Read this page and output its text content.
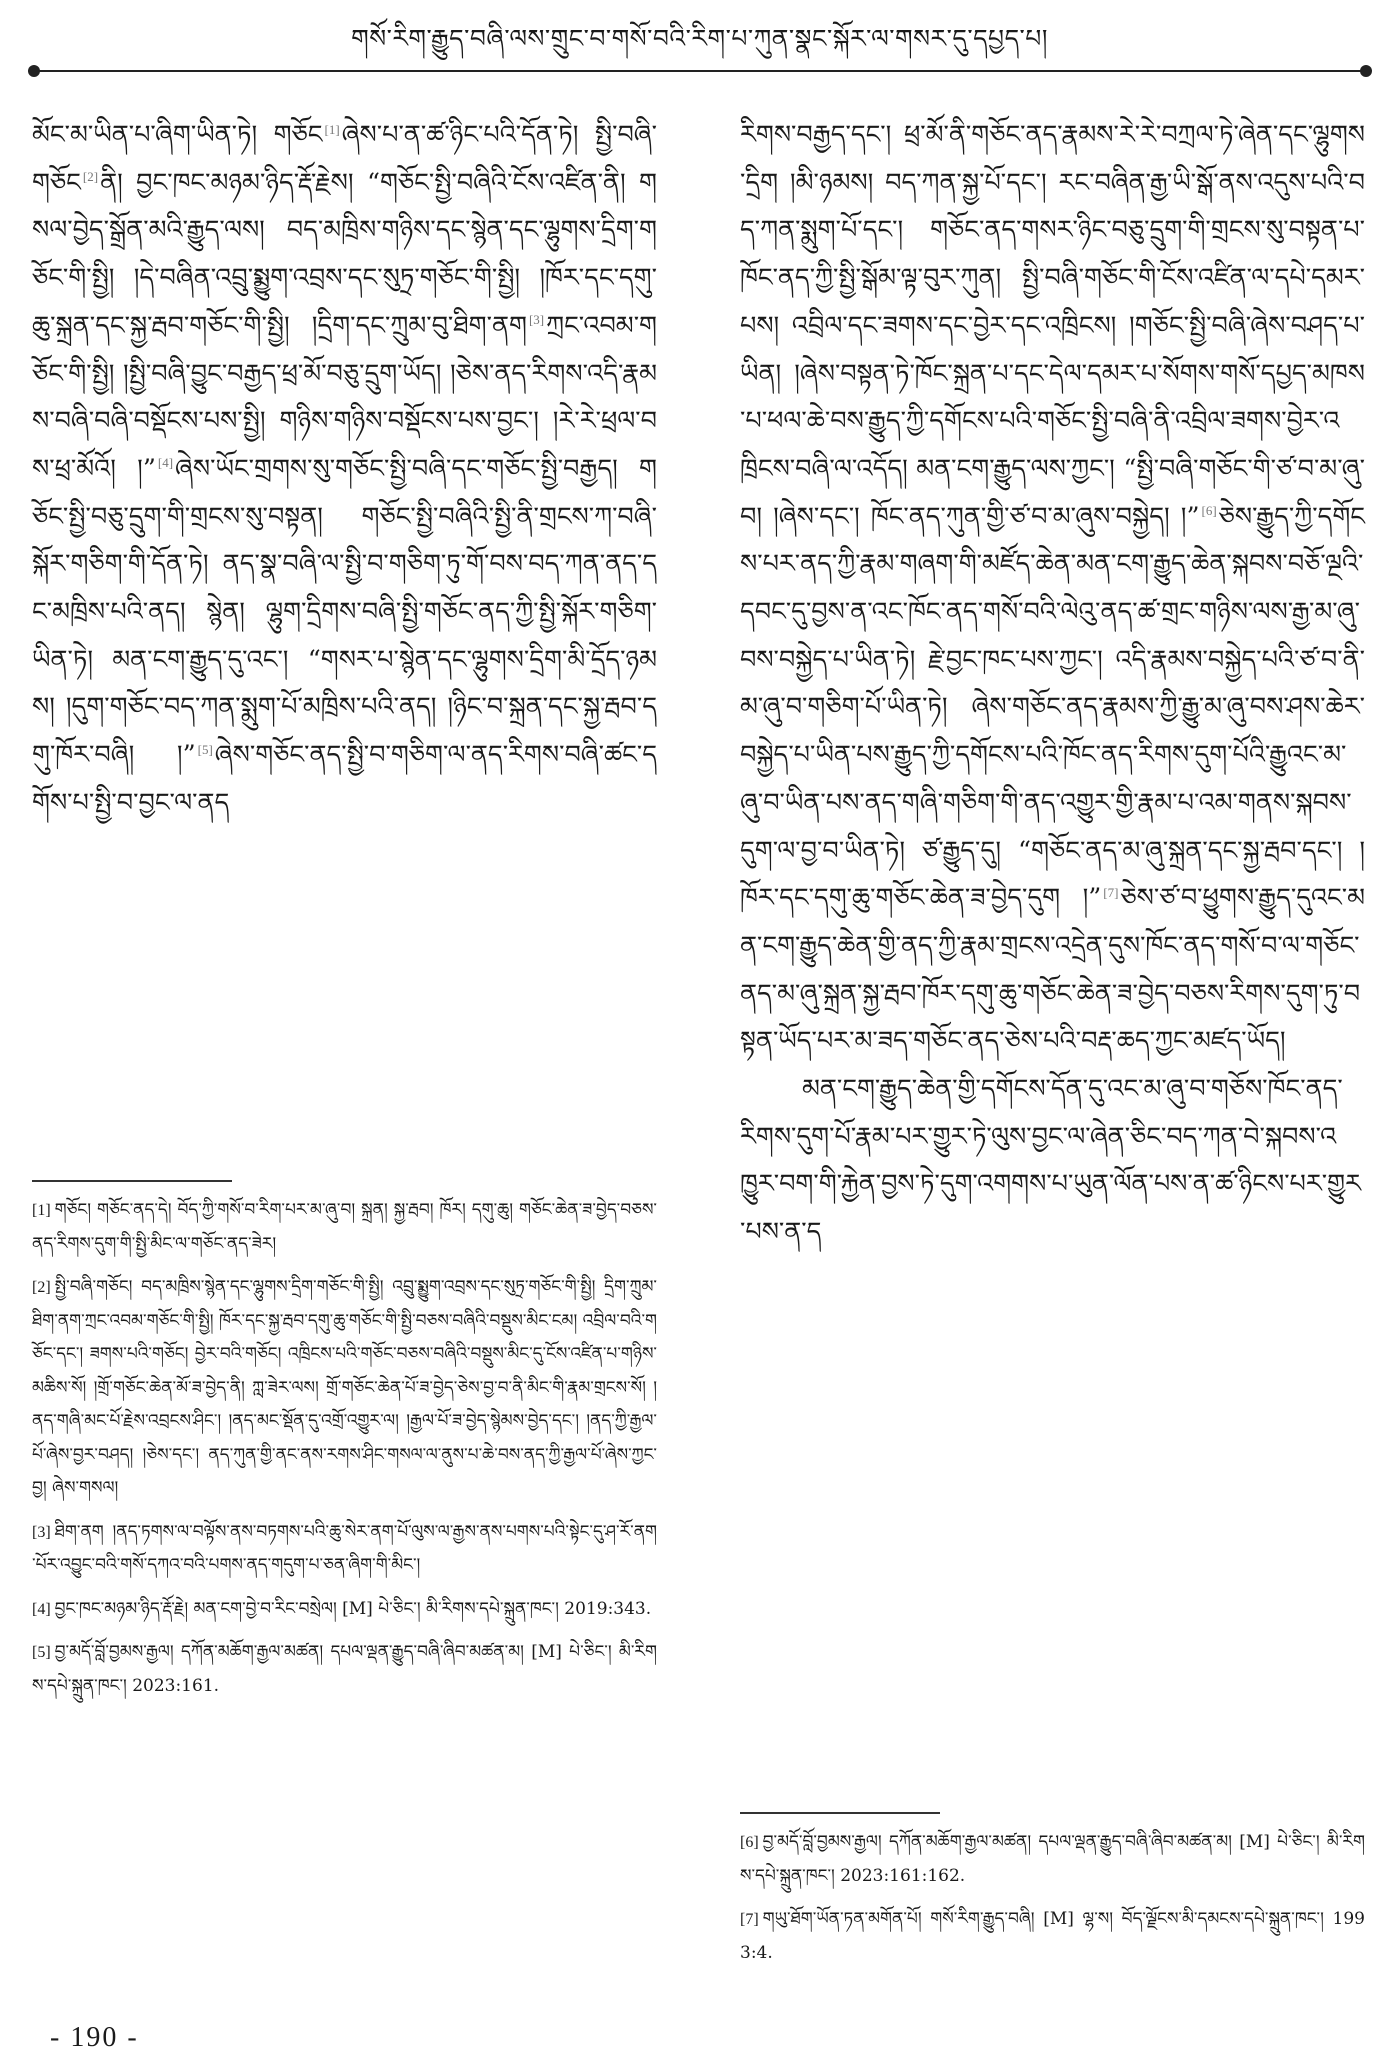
གསོ་རིག་རྒྱུད་བཞི་ལས་གྲུང་བ་གསོ་བའི་རིག་པ་ཀུན་སྣང་སྐོར་ལ་གསར་དུ་དཔྱད་པ།

མོང་མ་ཡིན་པ་ཞིག་ཡིན་ཏེ། གཅོང [1]ཞེས་པ་ན་ཚ་ཉིང་པའི་དོན་ཏེ། སྤྱི་བཞི་གཅོང [2]ནི། བྱང་ཁང་མཉམ་ཉིད་རྡོ་རྗེས། “གཅོང་སྤྱི་བཞིའི་ངོས་འཛིན་ནི། གསལ་བྱེད་སྒྲོན་མའི་རྒྱུད་ལས། བད་མཁྲིས་གཉིས་དང་སྙེན་དང་ལྷུགས་དྲིག་གཅོང་གི་སྤྱི། །དེ་བཞིན་འབྲུ་སྨྱུག་འབྲས་དང་སུཏྲ་གཅོང་གི་སྤྱི། །ཁོར་དང་དགུ་ཆུ་སྐྲན་དང་སྐྱ་རྦབ་གཅོང་གི་སྤྱི། །དྲིག་དང་ཀྲུམ་བུ་ཐིག་ནག [3]ཀྲང་འབམ་གཅོང་གི་སྤྱི། །སྤྱི་བཞི་བྱུང་བརྒྱད་ཕྲ་མོ་བཅུ་དྲུག་ཡོད། །ཅེས་ནད་རིགས་འདི་རྣམས་བཞི་བཞི་བསྡོངས་པས་སྤྱི། གཉིས་གཉིས་བསྡོངས་པས་བྱང་། །རེ་རེ་ཕྲལ་བས་ཕྲ་མོའོ། །” [4]ཞེས་ཡོང་གྲགས་སུ་གཅོང་སྤྱི་བཞི་དང་གཅོང་སྤྱི་བརྒྱད། གཅོང་སྤྱི་བཅུ་དྲུག་གི་གྲངས་སུ་བསྟན། གཅོང་སྤྱི་བཞིའི་སྤྱི་ནི་གྲངས་ཀ་བཞི་སྐོར་གཅིག་གི་དོན་ཏེ། ནད་སྣ་བཞི་ལ་སྤྱི་བ་གཅིག་ཏུ་གོ་བས་བད་ཀན་ནད་དང་མཁྲིས་པའི་ནད། སྙེན། ལྷུག་དྲིགས་བཞི་སྤྱི་གཅོང་ནད་ཀྱི་སྤྱི་སྐོར་གཅིག་ཡིན་ཏེ། མན་ངག་རྒྱུད་དུ་འང་། “གསར་པ་སྙེན་དང་ལྷུགས་དྲིག་མི་དྲོད་ཉམས། །དུག་གཅོང་བད་ཀན་སྨུག་པོ་མཁྲིས་པའི་ནད། །ཉིང་བ་སྐྲན་དང་སྐྱ་རྦབ་དགུ་ཁོར་བཞི། །” [5]ཞེས་གཅོང་ནད་སྤྱི་བ་གཅིག་ལ་ནད་རིགས་བཞི་ཚང་དགོས་པ་སྤྱི་བ་བྱང་ལ་ནད

[1] གཅོང། གཅོང་ནད་དེ། བོད་ཀྱི་གསོ་བ་རིག་པར་མ་ཞུ་བ། སྐྲན། སྐྱ་རྦབ། ཁོར། དགུ་ཆུ། གཅོང་ཆེན་ཟ་བྱེད་བཅས་ནད་རིགས་དུག་གི་སྤྱི་མིང་ལ་གཅོང་ནད་ཟེར།

[2] སྤྱི་བཞི་གཅོང། བད་མཁྲིས་སྙེན་དང་ལྷུགས་དྲིག་གཅོང་གི་སྤྱི། འབྲུ་སྨྱུག་འབྲས་དང་སུཏྲ་གཅོང་གི་སྤྱི། དྲིག་ཀྲུམ་ཐིག་ནག་ཀྲང་འབམ་གཅོང་གི་སྤྱི། ཁོར་དང་སྐྱ་རྦབ་དགུ་ཆུ་གཅོང་གི་སྤྱི་བཅས་བཞིའི་བསྡུས་མིང་ངམ། འབྲིལ་བའི་གཅོང་དང་། ཟགས་པའི་གཅོང། བྱེར་བའི་གཅོང། འཁྲིངས་པའི་གཅོང་བཅས་བཞིའི་བསྡུས་མིང་དུ་ངོས་འཛིན་པ་གཉིས་མཆིས་སོ། །གྲོ་གཅོང་ཆེན་མོ་ཟ་བྱེད་ནི། ཀླ་ཟེར་ལས། གྲོ་གཅོང་ཆེན་པོ་ཟ་བྱེད་ཅེས་བྱ་བ་ནི་མིང་གི་རྣམ་གྲངས་སོ། །ནད་གཞི་མང་པོ་རྗེས་འབྲངས་ཤིང་། །ནད་མང་སྡོན་དུ་འགྲོ་འགྱུར་ལ། །རྒྱལ་པོ་ཟ་བྱེད་སྙེམས་བྱེད་དང་། །ནད་ཀྱི་རྒྱལ་པོ་ཞེས་བྱར་བཤད། །ཅེས་དང་། ནད་ཀུན་གྱི་ནང་ནས་རགས་ཤིང་གསལ་ལ་ནུས་པ་ཆེ་བས་ནད་ཀྱི་རྒྱལ་པོ་ཞེས་ཀྱང་བྱ། ཞེས་གསལ།

[3] ཐིག་ནག །ནད་ཏགས་ལ་བལྟོས་ནས་བཏགས་པའི་ཆུ་སེར་ནག་པོ་ལུས་ལ་རྒྱས་ནས་པགས་པའི་སྟེང་དུ་ཤ་རོ་ནག་པོར་འབྱུང་བའི་གསོ་དཀའ་བའི་པགས་ནད་གདུག་པ་ཅན་ཞིག་གི་མིང་།

[4] བྱང་ཁང་མཉམ་ཉིད་རྡོ་རྗེ། མན་ངག་བྱེ་བ་རིང་བསྲེལ། [M] པེ་ཅིང་། མི་རིགས་དཔེ་སྐྲུན་ཁང་། 2019:343.

[5] བྱ་མདོ་བློ་བྱམས་རྒྱལ། དཀོན་མཆོག་རྒྱལ་མཚན། དཔལ་ལྡན་རྒྱུད་བཞི་ཞིབ་མཚན་མ། [M] པེ་ཅིང་། མི་རིགས་དཔེ་སྐྲུན་ཁང་། 2023:161.

རིགས་བརྒྱད་དང་། ཕྲ་མོ་ནི་གཅོང་ནད་རྣམས་རེ་རེ་བཀྲལ་ཏེ་ཞེན་དང་ལྷུགས་དྲིག །མི་ཉམས། བད་ཀན་སྐྱ་པོ་དང་། རང་བཞིན་རྒྱ་ཡི་སྒོ་ནས་འདུས་པའི་བད་ཀན་སྨུག་པོ་དང་། གཅོང་ནད་གསར་ཉིང་བཅུ་དྲུག་གི་གྲངས་སུ་བསྟན་པ་ཁོང་ནད་ཀྱི་སྤྱི་སྒོམ་ལྟ་བུར་ཀུན། སྤྱི་བཞི་གཅོང་གི་ངོས་འཛིན་ལ་དཔེ་དམར་པས། འབྲིལ་དང་ཟགས་དང་བྱེར་དང་འཁྲིངས། །གཅོང་སྤྱི་བཞི་ཞེས་བཤད་པ་ཡིན། །ཞེས་བསྟན་ཏེ་ཁོང་སྐྲན་པ་དང་དེལ་དམར་པ་སོགས་གསོ་དཔྱད་མཁས་པ་ཕལ་ཆེ་བས་རྒྱུད་ཀྱི་དགོངས་པའི་གཅོང་སྤྱི་བཞི་ནི་འབྲིལ་ཟགས་བྱེར་འཁྲིངས་བཞི་ལ་འདོད། མན་ངག་རྒྱུད་ལས་ཀྱང་། “སྤྱི་བཞི་གཅོང་གི་ཙ་བ་མ་ཞུ་བ། །ཞེས་དང་། ཁོང་ནད་ཀུན་གྱི་ཙ་བ་མ་ཞུས་བསྐྱེད། །” [6]ཅེས་རྒྱུད་ཀྱི་དགོངས་པར་ནད་ཀྱི་རྣམ་གཞག་གི་མཛོད་ཆེན་མན་ངག་རྒྱུད་ཆེན་སྐབས་བཅོ་ལྔའི་དབང་དུ་བྱས་ན་འང་ཁོང་ནད་གསོ་བའི་ལེའུ་ནད་ཚ་གྲང་གཉིས་ལས་རྒྱ་མ་ཞུ་བས་བསྐྱེད་པ་ཡིན་ཏེ། རྗེ་བྱང་ཁང་པས་ཀྱང་། འདི་རྣམས་བསྐྱེད་པའི་ཙ་བ་ནི་མ་ཞུ་བ་གཅིག་པོ་ཡིན་ཏེ། ཞེས་གཅོང་ནད་རྣམས་ཀྱི་རྒྱུ་མ་ཞུ་བས་ཤས་ཆེར་བསྐྱེད་པ་ཡིན་པས་རྒྱུད་ཀྱི་དགོངས་པའི་ཁོང་ནད་རིགས་དུག་པོའི་རྒྱུའང་མ་ཞུ་བ་ཡིན་པས་ནད་གཞི་གཅིག་གི་ནད་འགྱུར་གྱི་རྣམ་པ་འམ་གནས་སྐབས་དུག་ལ་བྱ་བ་ཡིན་ཏེ། ཙ་རྒྱུད་དུ། “གཅོང་ནད་མ་ཞུ་སྐྲན་དང་སྐྱ་རྦབ་དང་། །ཁོར་དང་དགུ་ཆུ་གཅོང་ཆེན་ཟ་བྱེད་དུག །” [7]ཅེས་ཙ་བ་ཕྱུགས་རྒྱུད་དུའང་མན་ངག་རྒྱུད་ཆེན་གྱི་ནད་ཀྱི་རྣམ་གྲངས་འདྲེན་དུས་ཁོང་ནད་གསོ་བ་ལ་གཅོང་ནད་མ་ཞུ་སྐྲན་སྐྱ་རྦབ་ཁོར་དགུ་ཆུ་གཅོང་ཆེན་ཟ་བྱེད་བཅས་རིགས་དུག་ཏུ་བསྟན་ཡོད་པར་མ་ཟད་གཅོང་ནད་ཅེས་པའི་བརྡ་ཆད་ཀྱང་མཛད་ཡོད།

མན་ངག་རྒྱུད་ཆེན་གྱི་དགོངས་དོན་དུ་འང་མ་ཞུ་བ་གཅོས་ཁོང་ནད་རིགས་དུག་པོ་རྣམ་པར་གྱུར་ཏེ་ལུས་བྱང་ལ་ཞེན་ཅིང་བད་ཀན་བེ་སྐབས་འཁྱུར་བག་གི་རྐྱེན་བྱས་ཏེ་དུག་འགགས་པ་ཡུན་ལོན་པས་ན་ཚ་ཉིངས་པར་གྱུར་པས་ན་ད

[6] བྱ་མདོ་བློ་བྱམས་རྒྱལ། དཀོན་མཆོག་རྒྱལ་མཚན། དཔལ་ལྡན་རྒྱུད་བཞི་ཞིབ་མཚན་མ། [M] པེ་ཅིང་། མི་རིགས་དཔེ་སྐྲུན་ཁང་། 2023:161:162.

[7] གཡུ་ཐོག་ཡོན་ཏན་མགོན་པོ། གསོ་རིག་རྒྱུད་བཞི། [M] ལྷ་ས། བོད་ལྗོངས་མི་དམངས་དཔེ་སྐྲུན་ཁང་། 1993:4.

- 190 -
